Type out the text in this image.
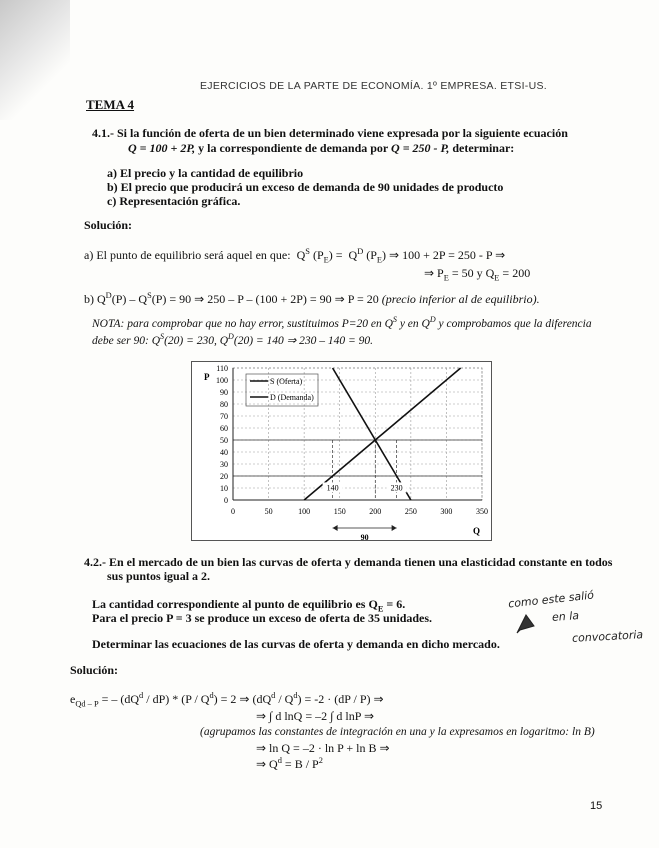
EJERCICIOS DE LA PARTE DE ECONOMÍA. 1º EMPRESA. ETSI-US.
TEMA 4
4.1.- Si la función de oferta de un bien determinado viene expresada por la siguiente ecuación
Q = 100 + 2P, y la correspondiente de demanda por Q = 250 - P, determinar:
a) El precio y la cantidad de equilibrio
b) El precio que producirá un exceso de demanda de 90 unidades de producto
c) Representación gráfica.
Solución:
a) El punto de equilibrio será aquel en que:  $Q^S$ $(P_E) = Q^D$ $(P_E)$ ⇒ 100 + 2P = 250 - P ⇒
⇒ $P_E = 50$ y $Q_E = 200$
b) $Q^D(P) - Q^S(P) = 90$ ⇒ 250 – P – (100 + 2P) = 90 ⇒ P = 20 (precio inferior al de equilibrio).
NOTA: para comprobar que no hay error, sustituimos P=20 en $Q^S$ y en $Q^D$ y comprobamos que la diferencia
debe ser 90: $Q^S(20) = 230$, $Q^D(20) = 140$ ⇒ 230 – 140 = 90.
0
10
20
30
40
50
60
70
80
90
100
110
0	50	100	150	200	250	300	350
P
Q
S (Oferta)
D (Demanda)
140	230
90
4.2.- En el mercado de un bien las curvas de oferta y demanda tienen una elasticidad constante en todos
sus puntos igual a 2.
La cantidad correspondiente al punto de equilibrio es $Q_E = 6$.
Para el precio P = 3 se produce un exceso de oferta de 35 unidades.
Determinar las ecuaciones de las curvas de oferta y demanda en dicho mercado.
Solución:
$e_{Qd - P}$ = – $(dQ^d / dP) * (P / Q^d) = 2$ ⇒ $(dQ^d / Q^d) = -2 \cdot (dP / P)$ ⇒
⇒ ∫ d lnQ = –2 ∫ d lnP ⇒
(agrupamos las constantes de integración en una y la expresamos en logaritmo: ln B)
⇒ ln Q = –2 · ln P + ln B ⇒
⇒ $Q^d = B / P^2$
como este salió
en la
convocatoria
15
